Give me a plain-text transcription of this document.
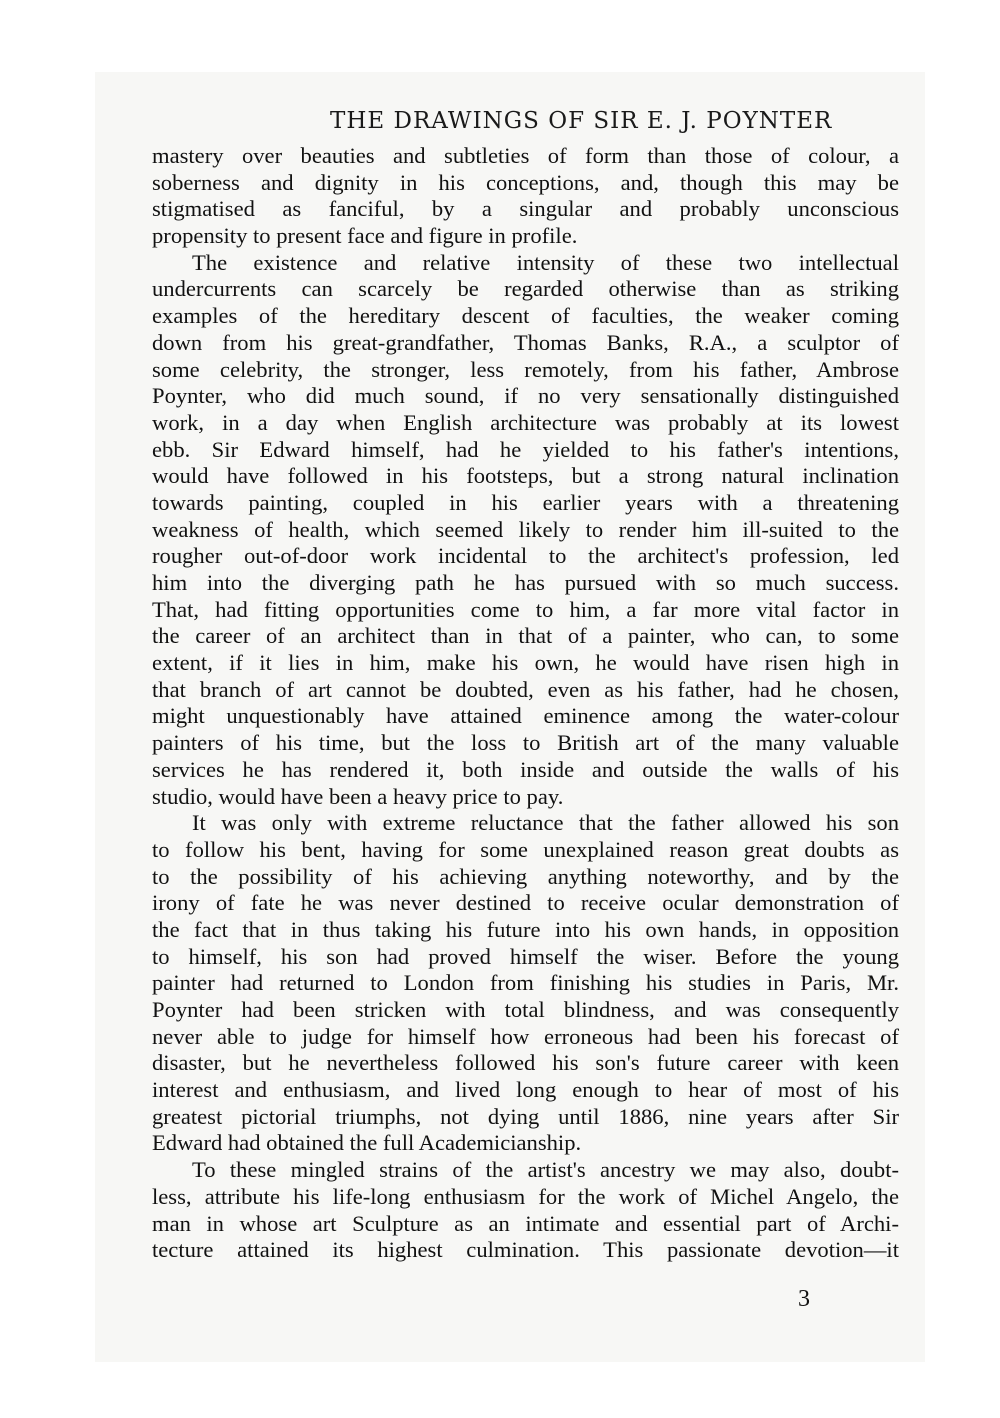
THE DRAWINGS OF SIR E. J. POYNTER
mastery over beauties and subtleties of form than those of colour, a
soberness and dignity in his conceptions, and, though this may be
stigmatised as fanciful, by a singular and probably unconscious
propensity to present face and figure in profile.
The existence and relative intensity of these two intellectual
undercurrents can scarcely be regarded otherwise than as striking
examples of the hereditary descent of faculties, the weaker coming
down from his great-grandfather, Thomas Banks, R.A., a sculptor of
some celebrity, the stronger, less remotely, from his father, Ambrose
Poynter, who did much sound, if no very sensationally distinguished
work, in a day when English architecture was probably at its lowest
ebb. Sir Edward himself, had he yielded to his father's intentions,
would have followed in his footsteps, but a strong natural inclination
towards painting, coupled in his earlier years with a threatening
weakness of health, which seemed likely to render him ill-suited to the
rougher out-of-door work incidental to the architect's profession, led
him into the diverging path he has pursued with so much success.
That, had fitting opportunities come to him, a far more vital factor in
the career of an architect than in that of a painter, who can, to some
extent, if it lies in him, make his own, he would have risen high in
that branch of art cannot be doubted, even as his father, had he chosen,
might unquestionably have attained eminence among the water-colour
painters of his time, but the loss to British art of the many valuable
services he has rendered it, both inside and outside the walls of his
studio, would have been a heavy price to pay.
It was only with extreme reluctance that the father allowed his son
to follow his bent, having for some unexplained reason great doubts as
to the possibility of his achieving anything noteworthy, and by the
irony of fate he was never destined to receive ocular demonstration of
the fact that in thus taking his future into his own hands, in opposition
to himself, his son had proved himself the wiser. Before the young
painter had returned to London from finishing his studies in Paris, Mr.
Poynter had been stricken with total blindness, and was consequently
never able to judge for himself how erroneous had been his forecast of
disaster, but he nevertheless followed his son's future career with keen
interest and enthusiasm, and lived long enough to hear of most of his
greatest pictorial triumphs, not dying until 1886, nine years after Sir
Edward had obtained the full Academicianship.
To these mingled strains of the artist's ancestry we may also, doubt-
less, attribute his life-long enthusiasm for the work of Michel Angelo, the
man in whose art Sculpture as an intimate and essential part of Archi-
tecture attained its highest culmination. This passionate devotion—it
3
